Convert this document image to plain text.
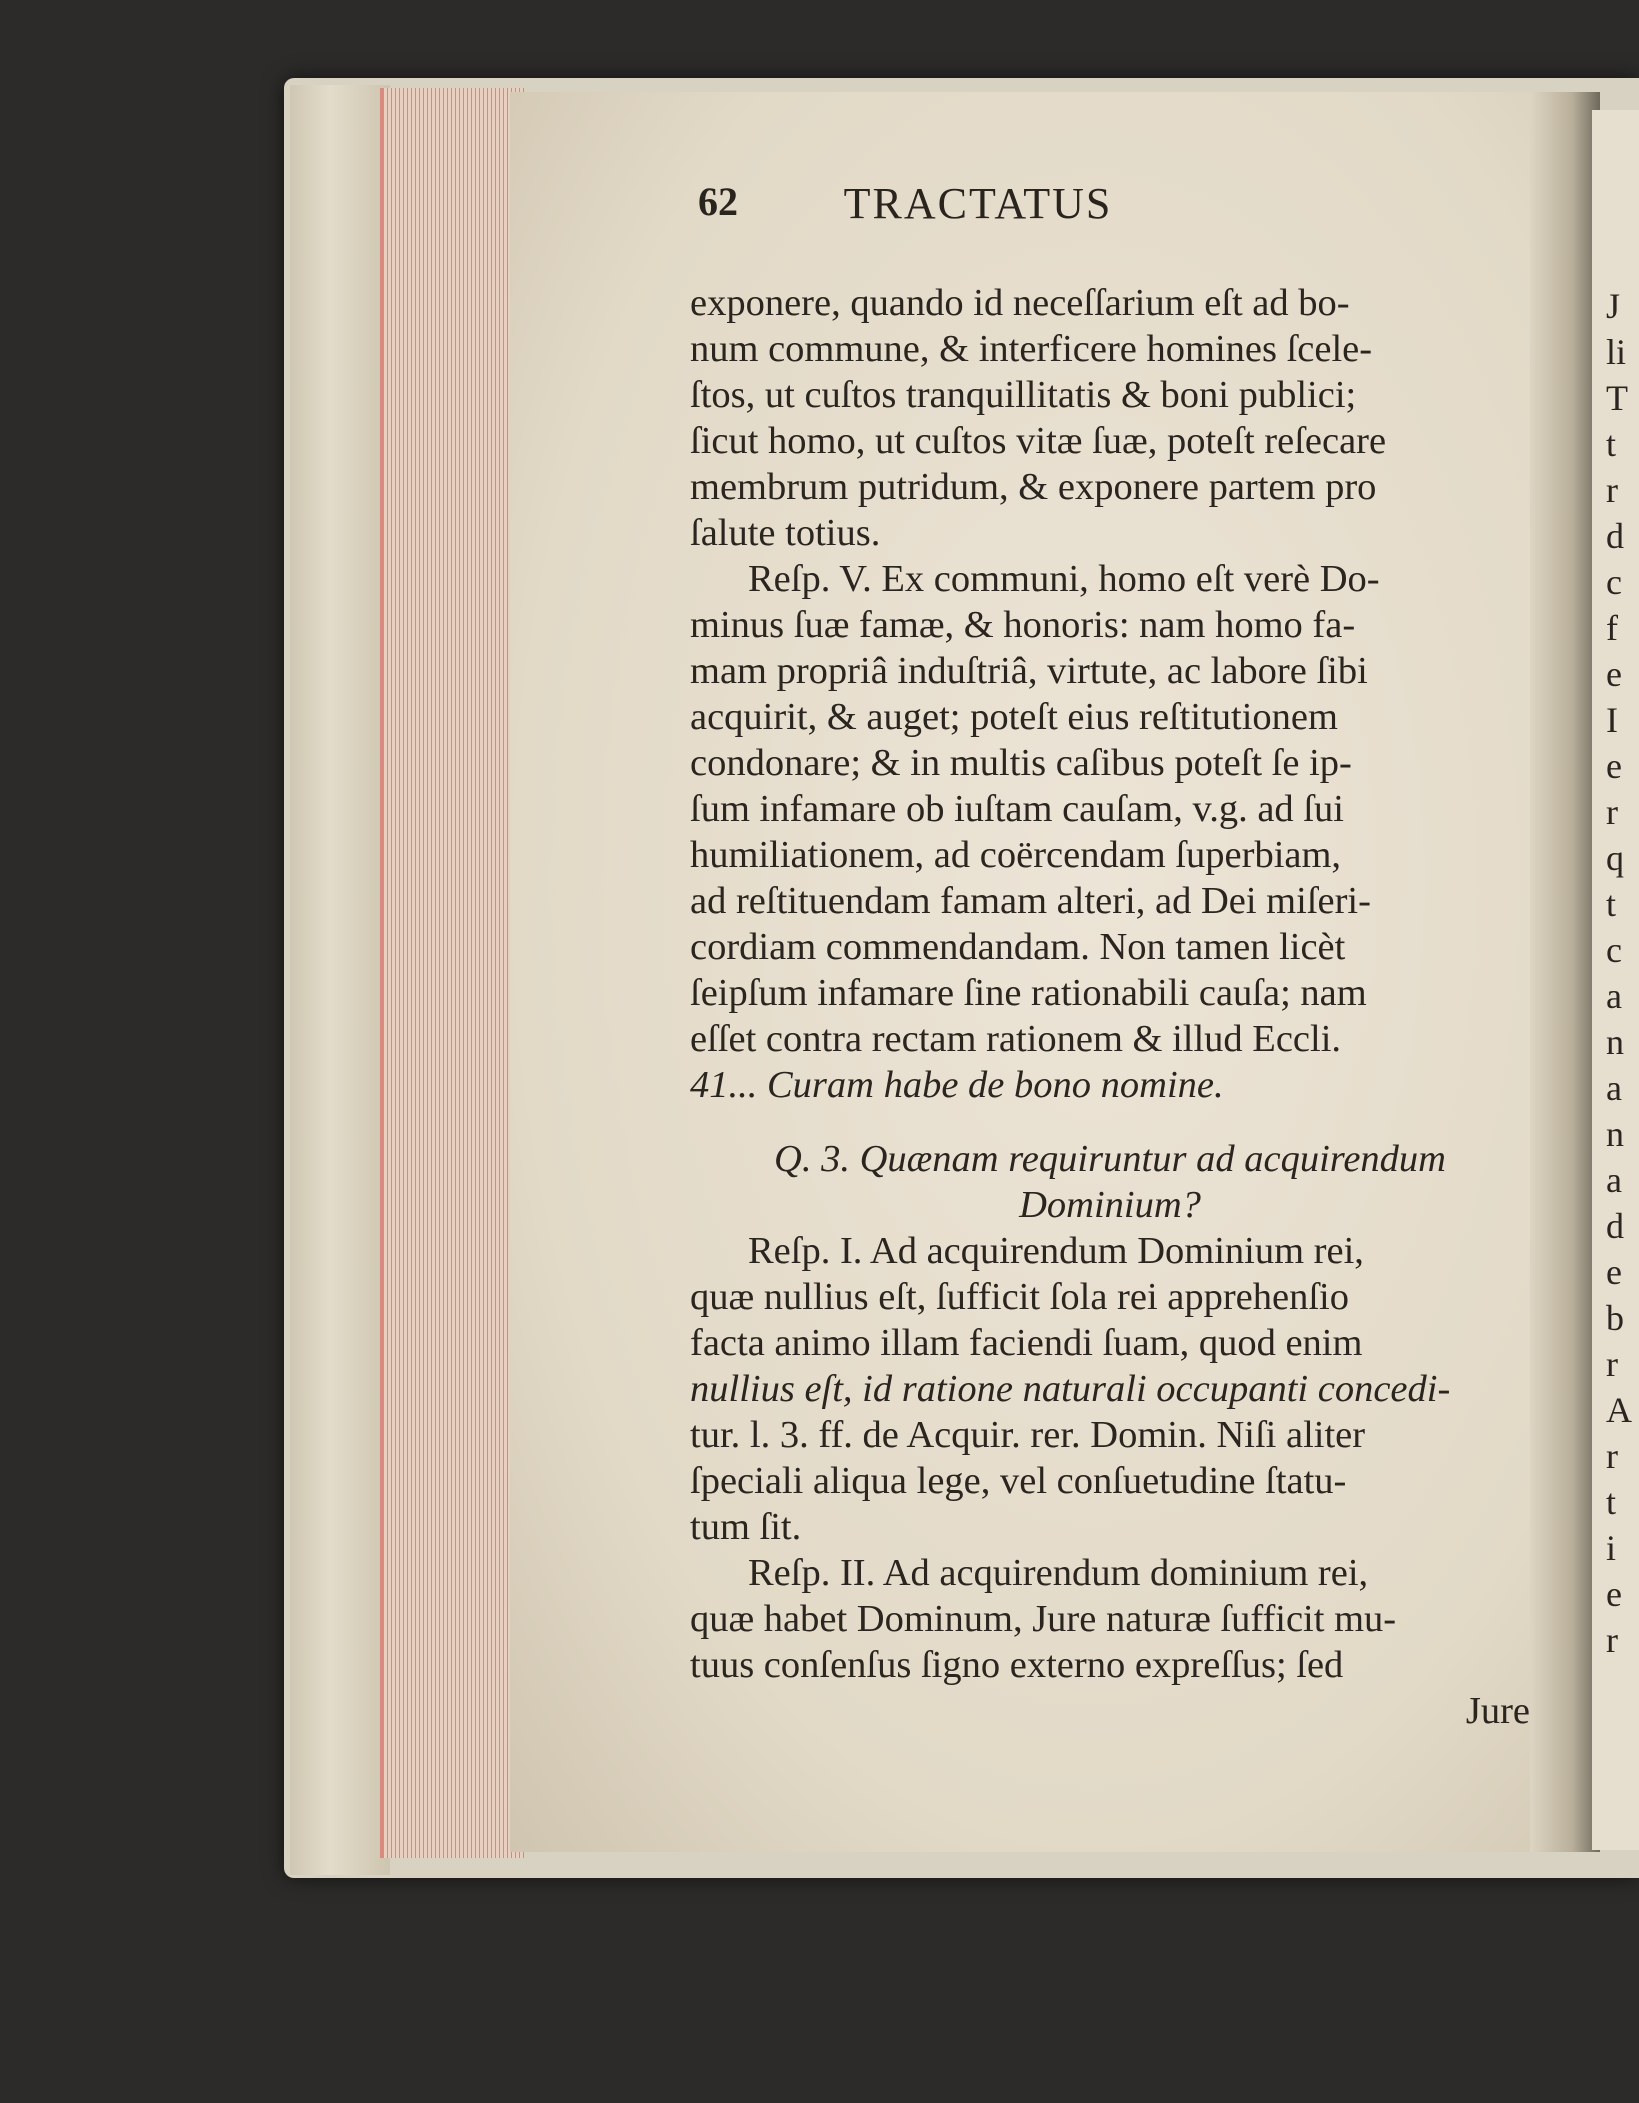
J
li
T
t
r
d
c
f
e
I
e
r
q
t
c
a
n
a
n
a
d
e
b
r
A
r
t
i
e
r
62 TRACTATUS
exponere, quando id neceſſarium eſt ad bo-
num commune, & interficere homines ſcele-
ſtos, ut cuſtos tranquillitatis & boni publici;
ſicut homo, ut cuſtos vitæ ſuæ, poteſt reſecare
membrum putridum, & exponere partem pro
ſalute totius.
Reſp. V. Ex communi, homo eſt verè Do-
minus ſuæ famæ, & honoris: nam homo fa-
mam propriâ induſtriâ, virtute, ac labore ſibi
acquirit, & auget; poteſt eius reſtitutionem
condonare; & in multis caſibus poteſt ſe ip-
ſum infamare ob iuſtam cauſam, v.g. ad ſui
humiliationem, ad coërcendam ſuperbiam,
ad reſtituendam famam alteri, ad Dei miſeri-
cordiam commendandam. Non tamen licèt
ſeipſum infamare ſine rationabili cauſa; nam
eſſet contra rectam rationem & illud Eccli.
41... Curam habe de bono nomine.
Q. 3. Quænam requiruntur ad acquirendum
Dominium?
Reſp. I. Ad acquirendum Dominium rei,
quæ nullius eſt, ſufficit ſola rei apprehenſio
facta animo illam faciendi ſuam, quod enim
nullius eſt, id ratione naturali occupanti concedi-
tur. l. 3. ff. de Acquir. rer. Domin. Niſi aliter
ſpeciali aliqua lege, vel conſuetudine ſtatu-
tum ſit.
Reſp. II. Ad acquirendum dominium rei,
quæ habet Dominum, Jure naturæ ſufficit mu-
tuus conſenſus ſigno externo expreſſus; ſed
Jure
